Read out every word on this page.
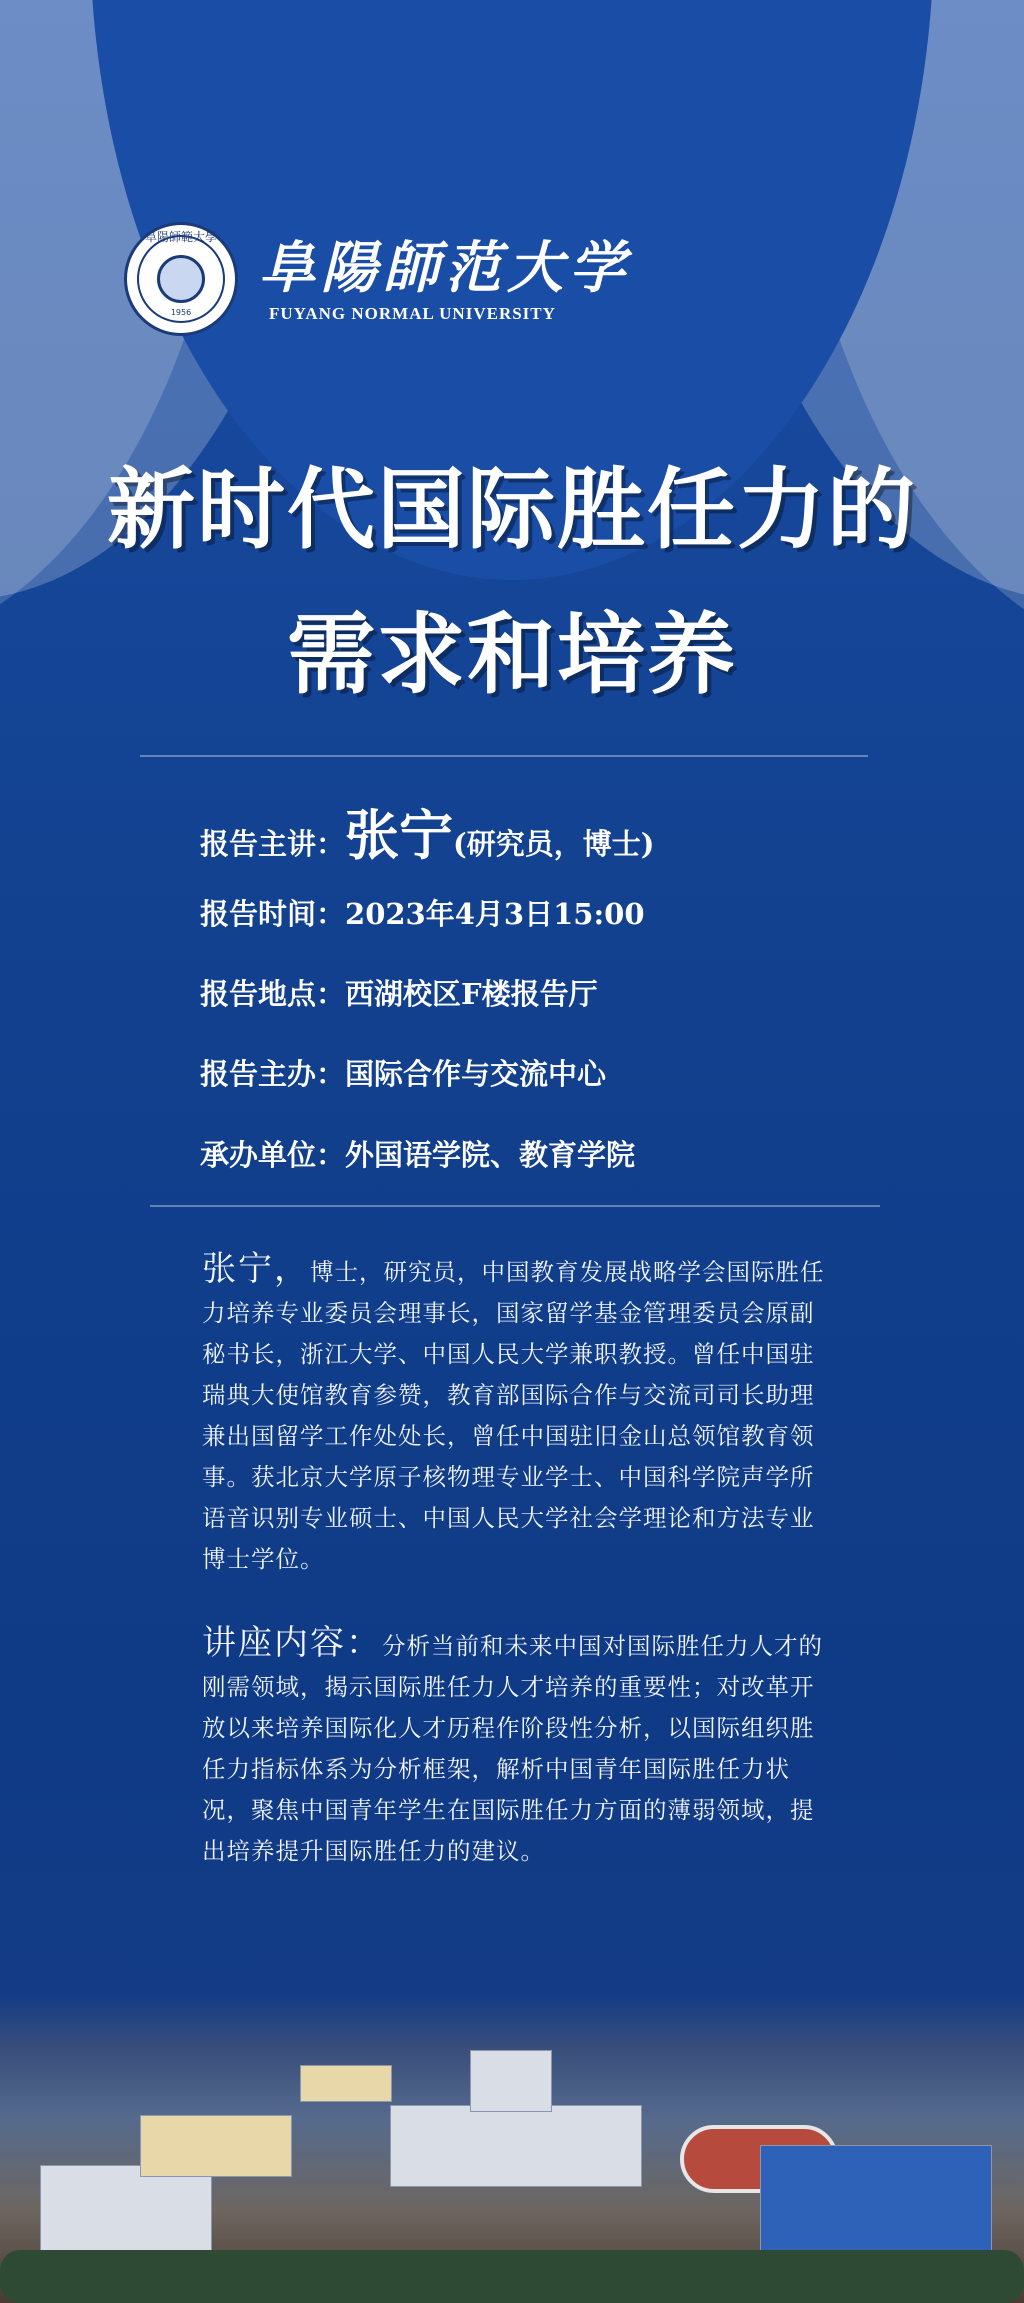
阜陽師範大學
1956
阜陽師范大学
FUYANG NORMAL UNIVERSITY
新时代国际胜任力的
需求和培养
报告主讲：张宁(研究员，博士)
报告时间：2023年4月3日15:00
报告地点：西湖校区F楼报告厅
报告主办：国际合作与交流中心
承办单位：外国语学院、教育学院
张宁，博士，研究员，中国教育发展战略学会国际胜任力培养专业委员会理事长，国家留学基金管理委员会原副秘书长，浙江大学、中国人民大学兼职教授。曾任中国驻瑞典大使馆教育参赞，教育部国际合作与交流司司长助理兼出国留学工作处处长，曾任中国驻旧金山总领馆教育领事。获北京大学原子核物理专业学士、中国科学院声学所语音识别专业硕士、中国人民大学社会学理论和方法专业博士学位。
讲座内容：分析当前和未来中国对国际胜任力人才的刚需领域，揭示国际胜任力人才培养的重要性；对改革开放以来培养国际化人才历程作阶段性分析，以国际组织胜任力指标体系为分析框架，解析中国青年国际胜任力状况，聚焦中国青年学生在国际胜任力方面的薄弱领域，提出培养提升国际胜任力的建议。
